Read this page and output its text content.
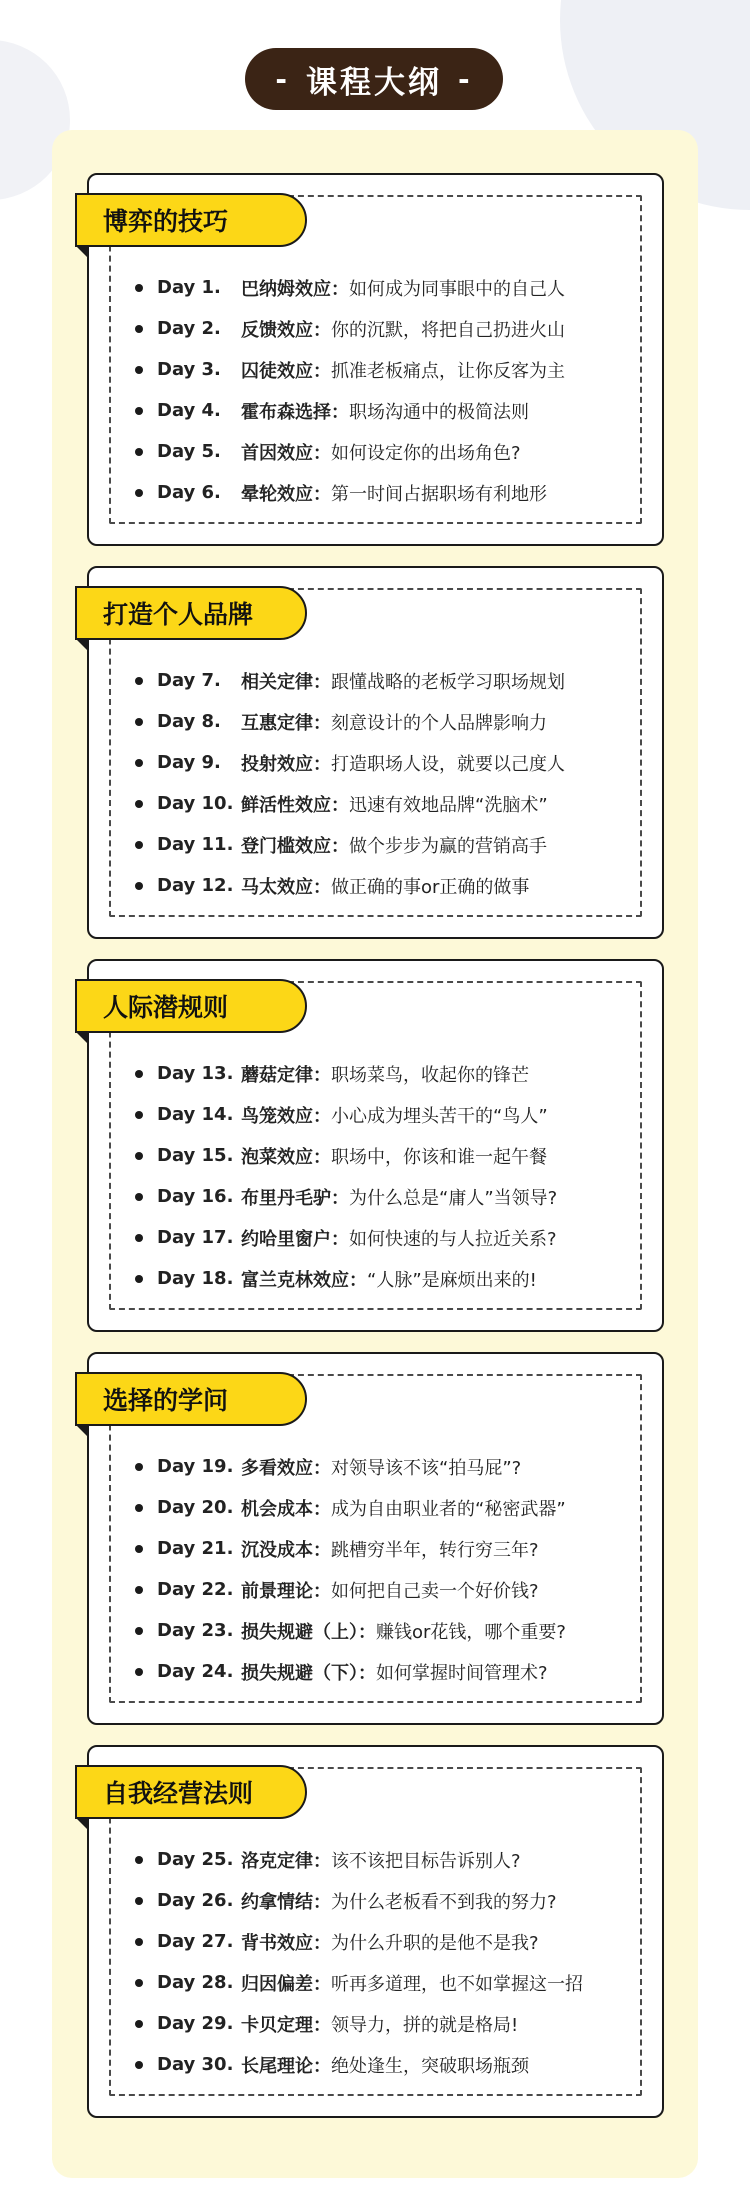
- 课程大纲 -
博弈的技巧
Day 1.	巴纳姆效应： 如何成为同事眼中的自己人
Day 2.	反馈效应： 你的沉默，将把自己扔进火山
Day 3.	囚徒效应： 抓准老板痛点，让你反客为主
Day 4.	霍布森选择： 职场沟通中的极简法则
Day 5.	首因效应： 如何设定你的出场角色?
Day 6.	晕轮效应： 第一时间占据职场有利地形
打造个人品牌
Day 7.	相关定律： 跟懂战略的老板学习职场规划
Day 8.	互惠定律： 刻意设计的个人品牌影响力
Day 9.	投射效应： 打造职场人设，就要以己度人
Day 10. 鲜活性效应： 迅速有效地品牌“洗脑术”
Day 11. 登门槛效应： 做个步步为赢的营销高手
Day 12. 马太效应： 做正确的事or正确的做事
人际潜规则
Day 13. 蘑菇定律： 职场菜鸟，收起你的锋芒
Day 14. 鸟笼效应： 小心成为埋头苦干的“鸟人”
Day 15. 泡菜效应： 职场中，你该和谁一起午餐
Day 16. 布里丹毛驴： 为什么总是“庸人”当领导?
Day 17. 约哈里窗户： 如何快速的与人拉近关系?
Day 18. 富兰克林效应： “人脉”是麻烦出来的!
选择的学问
Day 19. 多看效应： 对领导该不该“拍马屁”?
Day 20. 机会成本： 成为自由职业者的“秘密武器”
Day 21. 沉没成本： 跳槽穷半年，转行穷三年?
Day 22. 前景理论： 如何把自己卖一个好价钱?
Day 23. 损失规避（上）： 赚钱or花钱，哪个重要?
Day 24. 损失规避（下）： 如何掌握时间管理术?
自我经营法则
Day 25. 洛克定律： 该不该把目标告诉别人?
Day 26. 约拿情结： 为什么老板看不到我的努力?
Day 27. 背书效应： 为什么升职的是他不是我?
Day 28. 归因偏差： 听再多道理，也不如掌握这一招
Day 29. 卡贝定理： 领导力，拼的就是格局!
Day 30. 长尾理论： 绝处逢生，突破职场瓶颈
